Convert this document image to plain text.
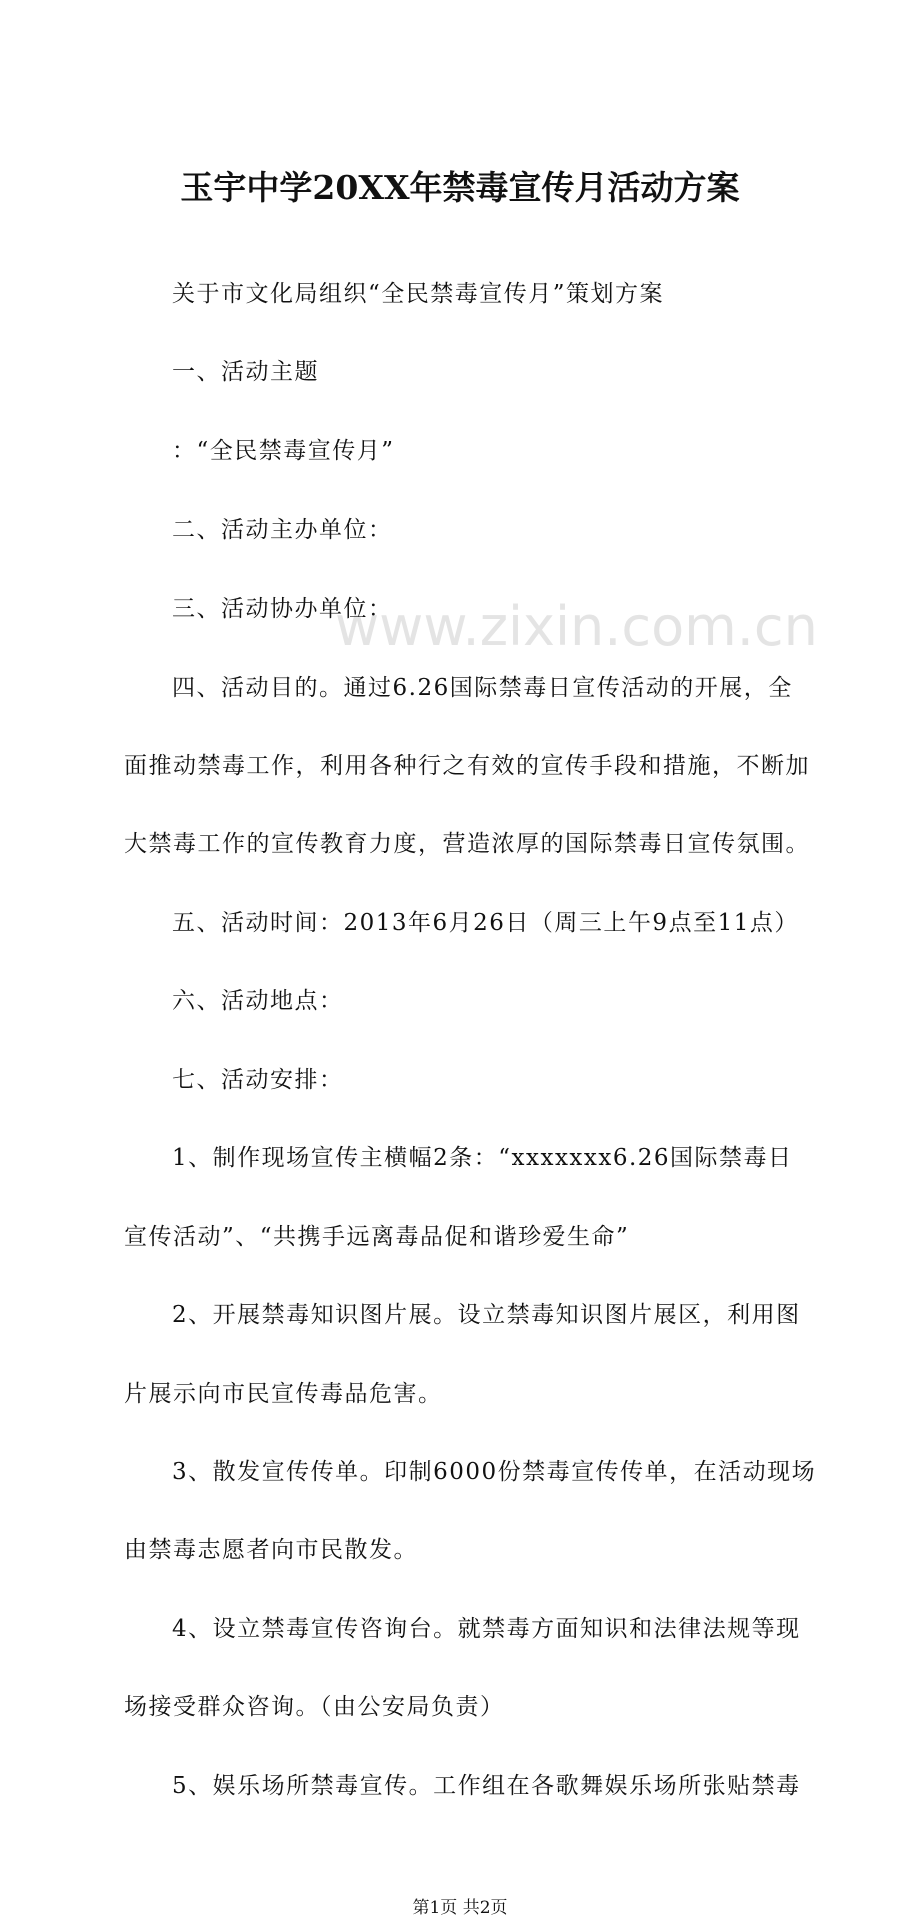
www.zixin.com.cn
玉宇中学20XX年禁毒宣传月活动方案
关于市文化局组织“全民禁毒宣传月”策划方案
一、活动主题
：“全民禁毒宣传月”
二、活动主办单位：
三、活动协办单位：
四、活动目的。通过6.26国际禁毒日宣传活动的开展，全
面推动禁毒工作，利用各种行之有效的宣传手段和措施，不断加
大禁毒工作的宣传教育力度，营造浓厚的国际禁毒日宣传氛围。
五、活动时间：2013年6月26日（周三上午9点至11点）
六、活动地点：
七、活动安排：
1、制作现场宣传主横幅2条：“xxxxxxx6.26国际禁毒日
宣传活动”、“共携手远离毒品促和谐珍爱生命”
2、开展禁毒知识图片展。设立禁毒知识图片展区，利用图
片展示向市民宣传毒品危害。
3、散发宣传传单。印制6000份禁毒宣传传单，在活动现场
由禁毒志愿者向市民散发。
4、设立禁毒宣传咨询台。就禁毒方面知识和法律法规等现
场接受群众咨询。（由公安局负责）
5、娱乐场所禁毒宣传。工作组在各歌舞娱乐场所张贴禁毒
第1页 共2页
